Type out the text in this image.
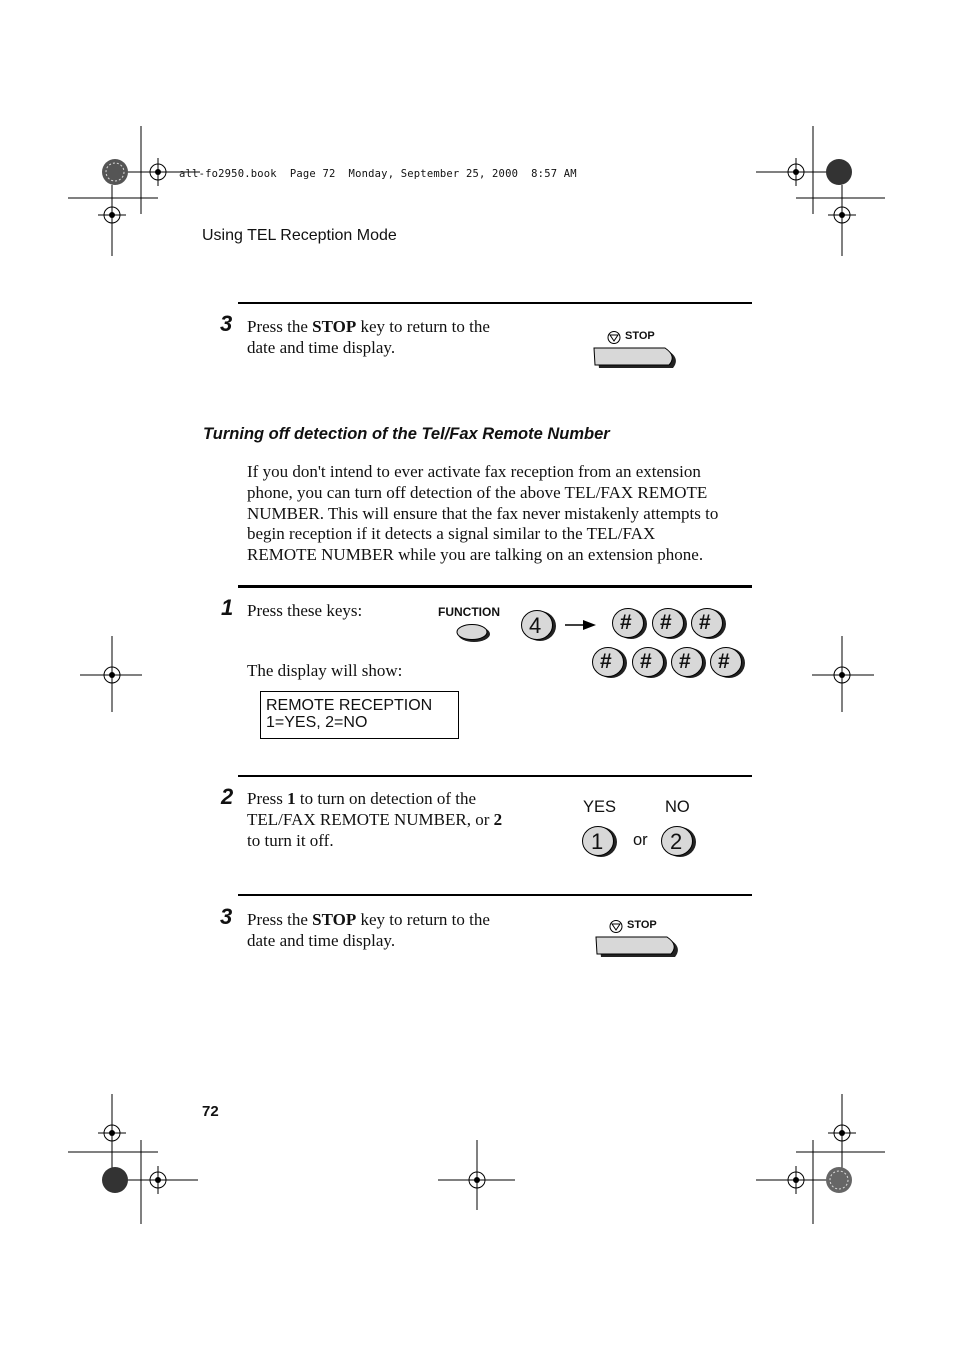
all-fo2950.book  Page 72  Monday, September 25, 2000  8:57 AM
Using TEL Reception Mode
3 Press the STOP key to return to the
date and time display.
STOP
Turning off detection of the Tel/Fax Remote Number
If you don't intend to ever activate fax reception from an extension
phone, you can turn off detection of the above TEL/FAX REMOTE
NUMBER. This will ensure that the fax never mistakenly attempts to
begin reception if it detects a signal similar to the TEL/FAX
REMOTE NUMBER while you are talking on an extension phone.
1 Press these keys:
The display will show:
REMOTE RECEPTION
1=YES, 2=NO
FUNCTION
4	# # #
# # # #
2 Press 1 to turn on detection of the
TEL/FAX REMOTE NUMBER, or 2
to turn it off.
YES	NO
1 or 2
3 Press the STOP key to return to the
date and time display.
STOP
72
